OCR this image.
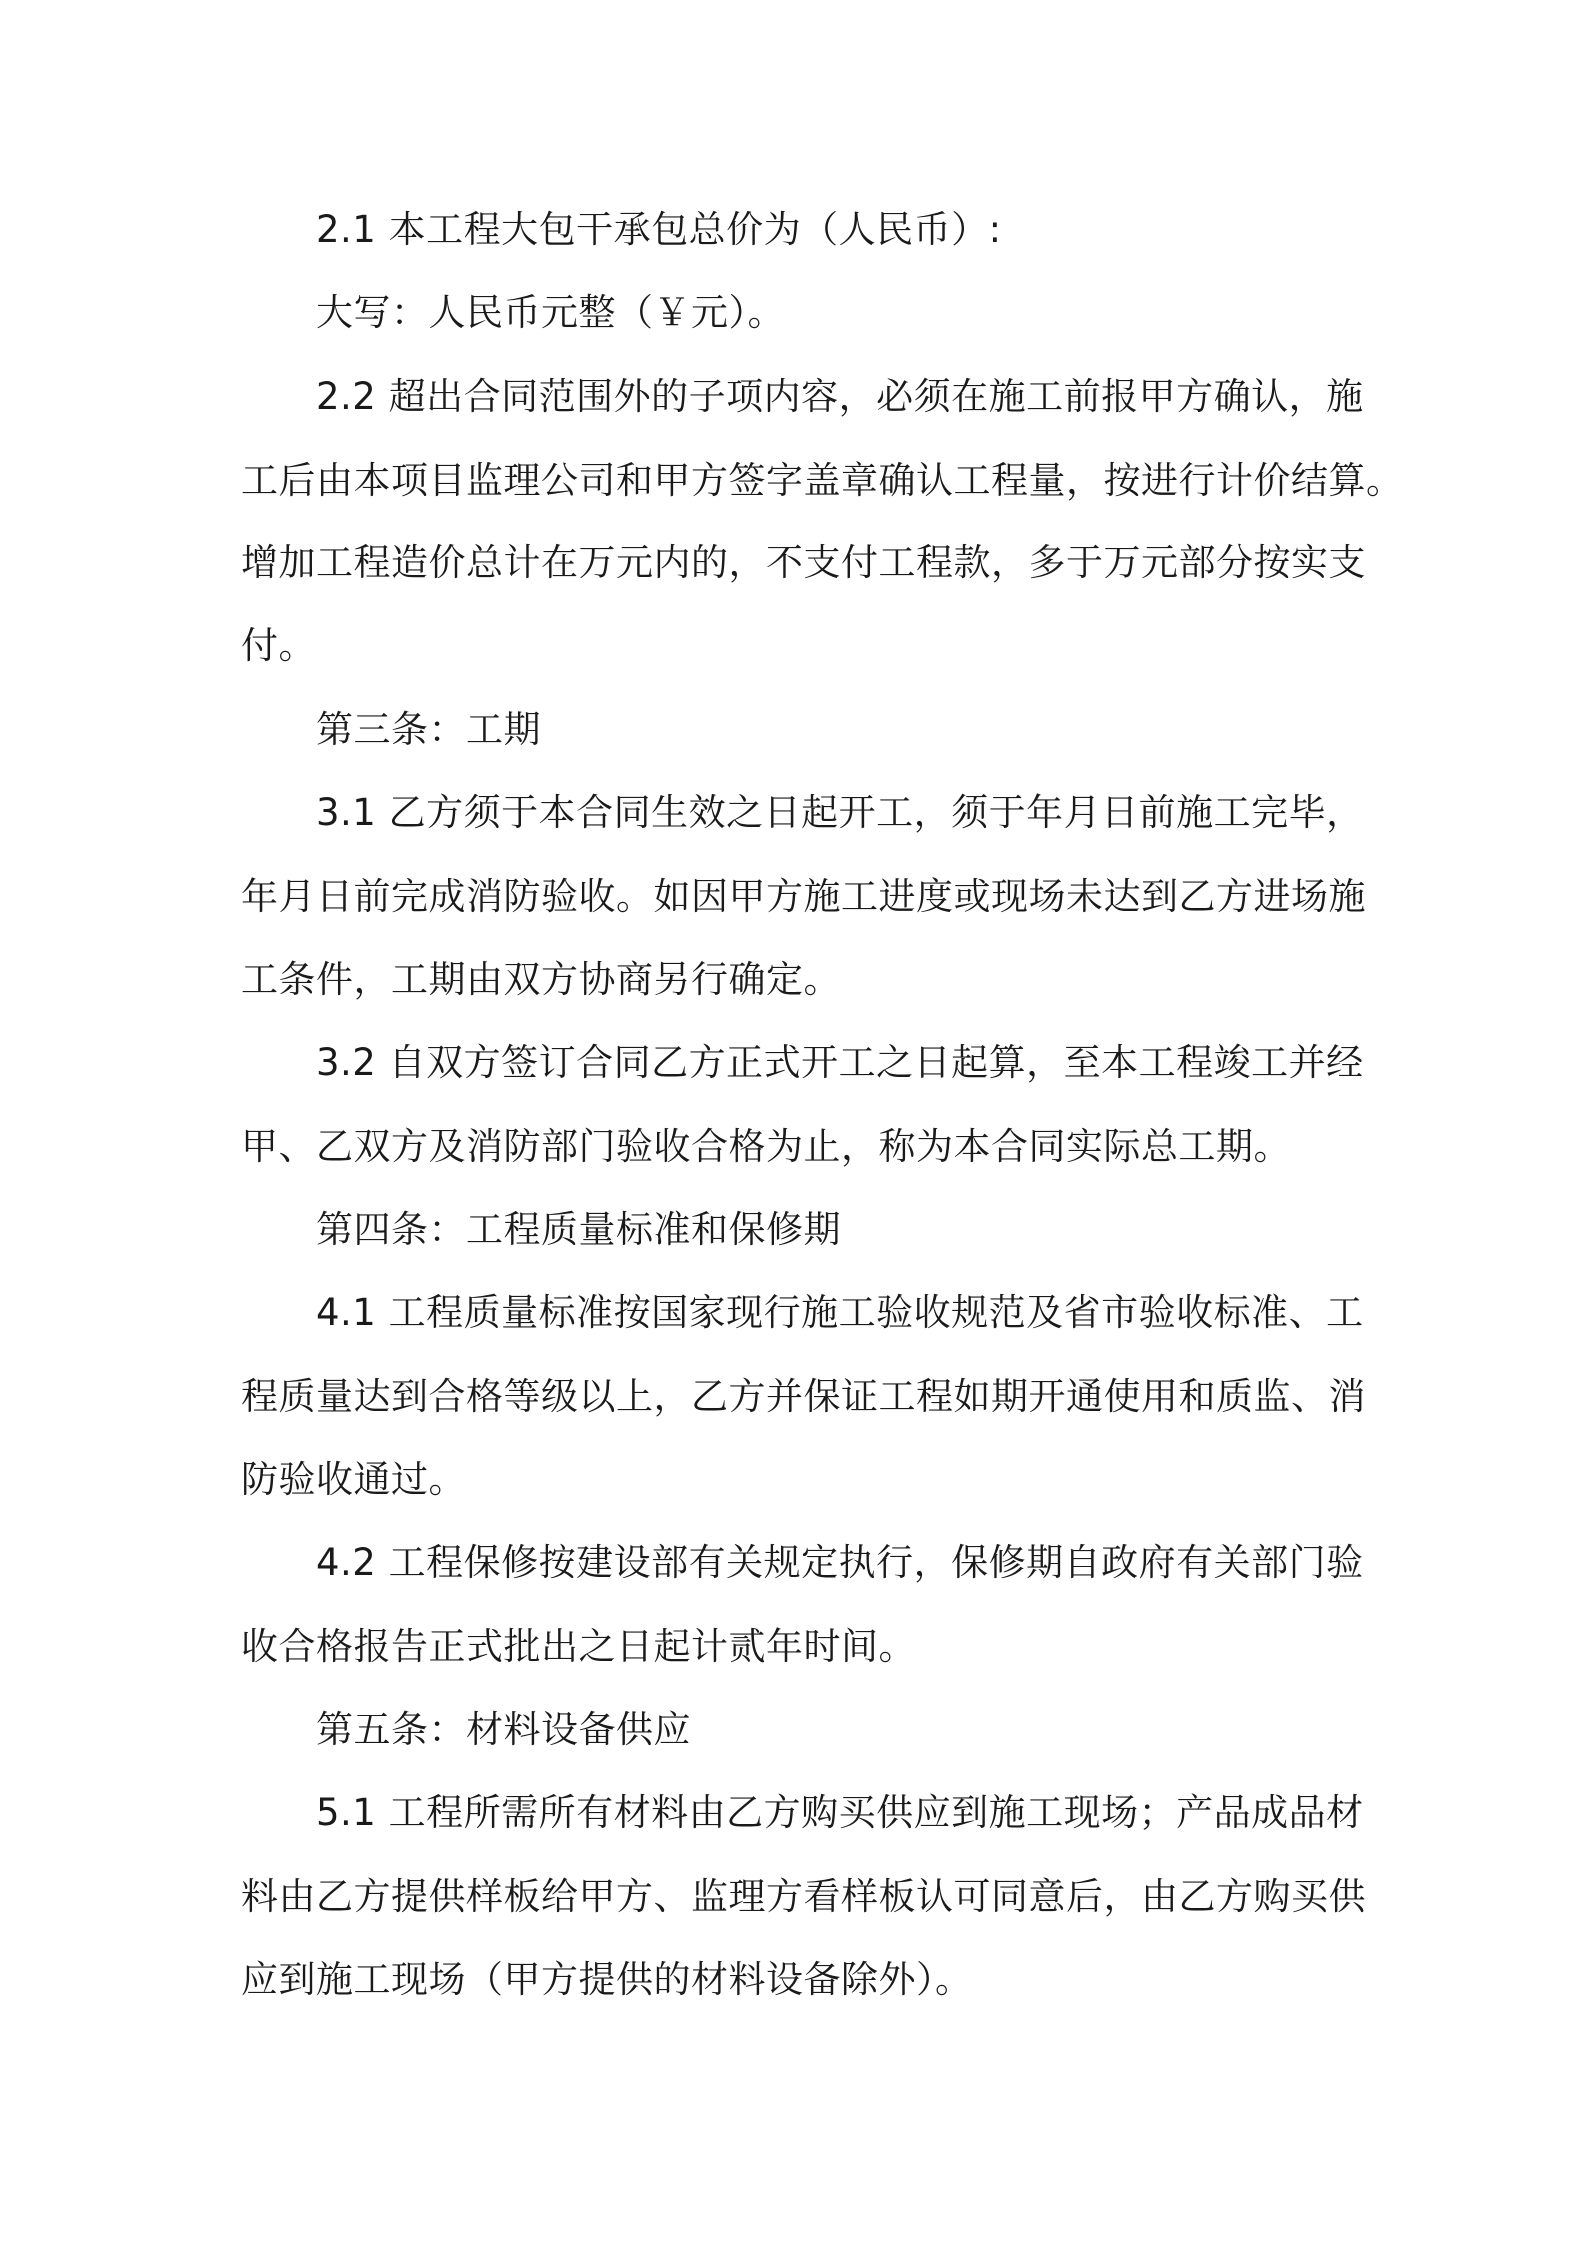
2.1 本工程大包干承包总价为（人民币）:
大写：人民币元整（￥元）。
2.2 超出合同范围外的子项内容，必须在施工前报甲方确认，施
工后由本项目监理公司和甲方签字盖章确认工程量，按进行计价结算。
增加工程造价总计在万元内的，不支付工程款，多于万元部分按实支
付。
第三条：工期
3.1 乙方须于本合同生效之日起开工，须于年月日前施工完毕，
年月日前完成消防验收。如因甲方施工进度或现场未达到乙方进场施
工条件，工期由双方协商另行确定。
3.2 自双方签订合同乙方正式开工之日起算，至本工程竣工并经
甲、乙双方及消防部门验收合格为止，称为本合同实际总工期。
第四条：工程质量标准和保修期
4.1 工程质量标准按国家现行施工验收规范及省市验收标准、工
程质量达到合格等级以上，乙方并保证工程如期开通使用和质监、消
防验收通过。
4.2 工程保修按建设部有关规定执行，保修期自政府有关部门验
收合格报告正式批出之日起计贰年时间。
第五条：材料设备供应
5.1 工程所需所有材料由乙方购买供应到施工现场；产品成品材
料由乙方提供样板给甲方、监理方看样板认可同意后，由乙方购买供
应到施工现场（甲方提供的材料设备除外）。
